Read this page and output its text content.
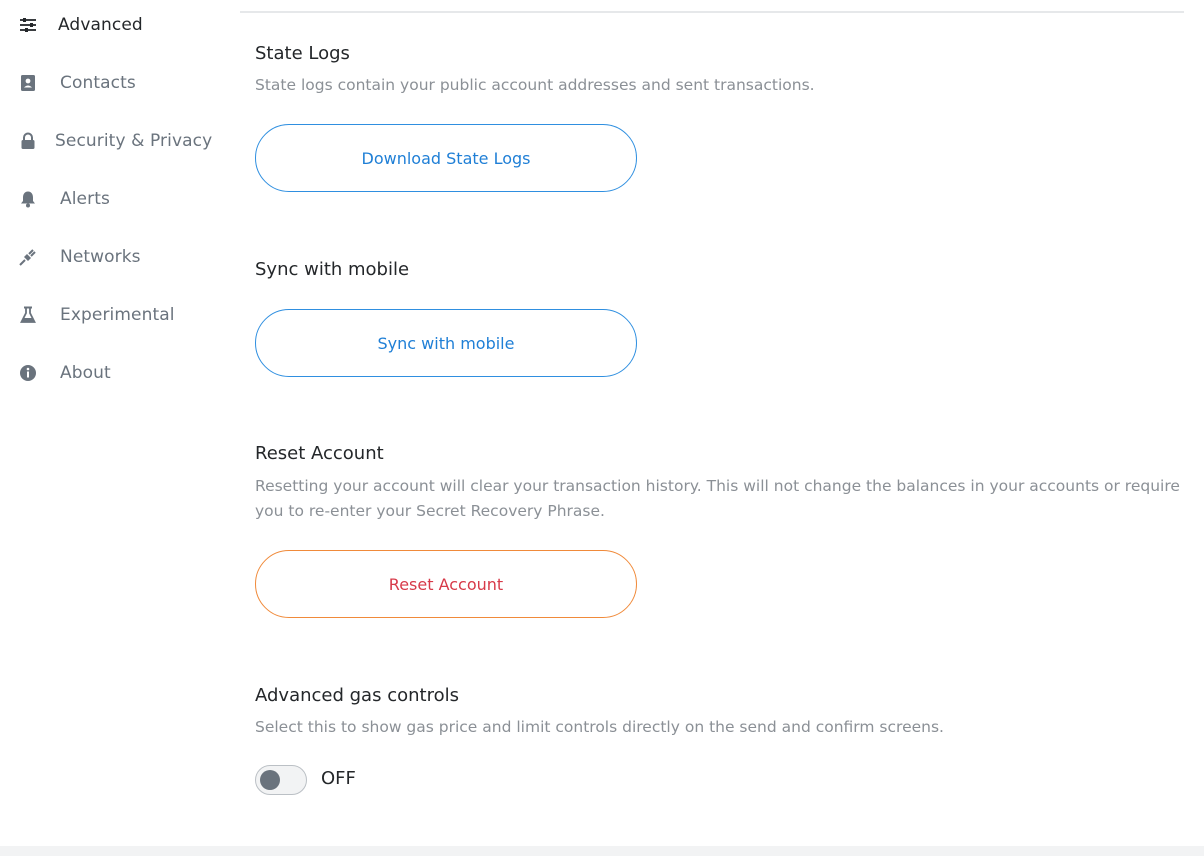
Advanced
Contacts
Security & Privacy
Alerts
Networks
Experimental
About
State Logs
State logs contain your public account addresses and sent transactions.
Download State Logs
Sync with mobile
Sync with mobile
Reset Account
Resetting your account will clear your transaction history. This will not change the balances in your accounts or require you to re-enter your Secret Recovery Phrase.
Reset Account
Advanced gas controls
Select this to show gas price and limit controls directly on the send and confirm screens.
OFF
